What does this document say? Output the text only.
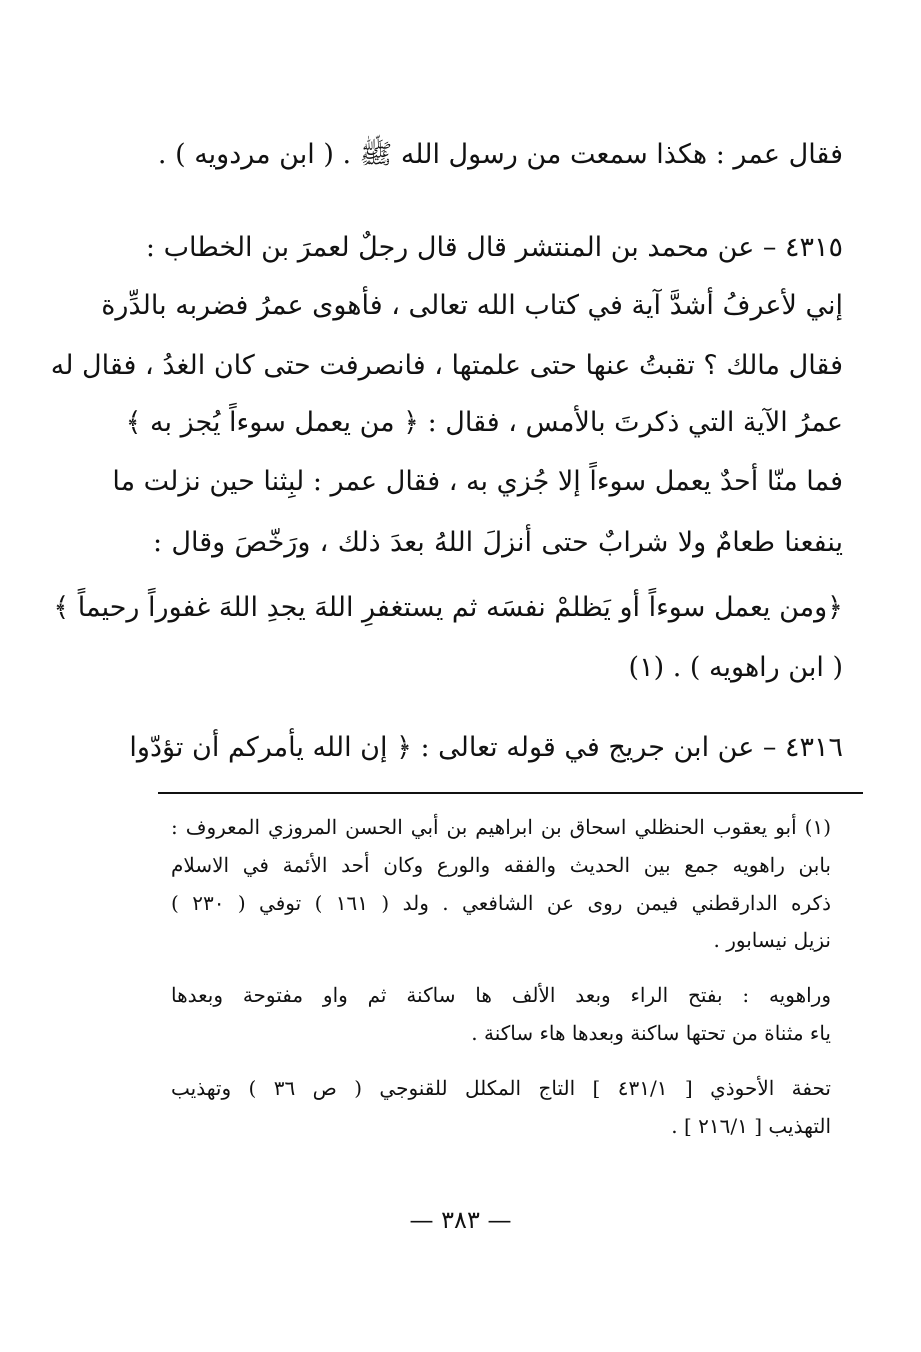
فقال عمر : هكذا سمعت من رسول الله ﷺ . ( ابن مردويه ) .
٤٣١٥ – عن محمد بن المنتشر قال قال رجلٌ لعمرَ بن الخطاب :
إني لأعرفُ أشدَّ آية في كتاب الله تعالى ، فأهوى عمرُ فضربه بالدِّرة
فقال مالك ؟ تقبتُ عنها حتى علمتها ، فانصرفت حتى كان الغدُ ، فقال له
عمرُ الآية التي ذكرتَ بالأمس ، فقال : ﴿ من يعمل سوءاً يُجز به ﴾
فما منّا أحدٌ يعمل سوءاً إلا جُزي به ، فقال عمر : لبِثنا حين نزلت ما
ينفعنا طعامٌ ولا شرابٌ حتى أنزلَ اللهُ بعدَ ذلك ، ورَخّصَ وقال :
﴿ومن يعمل سوءاً أو يَظلمْ نفسَه ثم يستغفرِ اللهَ يجدِ اللهَ غفوراً رحيماً ﴾
( ابن راهويه ) . (١)
٤٣١٦ – عن ابن جريج في قوله تعالى : ﴿ إن الله يأمركم أن تؤدّوا
(١) أبو يعقوب الحنظلي اسحاق بن ابراهيم بن أبي الحسن المروزي المعروف :
بابن راهويه جمع بين الحديث والفقه والورع وكان أحد الأئمة في الاسلام
ذكره الدارقطني فيمن روى عن الشافعي . ولد ( ١٦١ ) توفي ( ٢٣٠ )
نزيل نيسابور .
وراهويه : بفتح الراء وبعد الألف ها ساكنة ثم واو مفتوحة وبعدها
ياء مثناة من تحتها ساكنة وبعدها هاء ساكنة .
تحفة الأحوذي [ ٤٣١/١ ] التاج المكلل للقنوجي ( ص ٣٦ ) وتهذيب
التهذيب [ ٢١٦/١ ] .
— ٣٨٣ —
